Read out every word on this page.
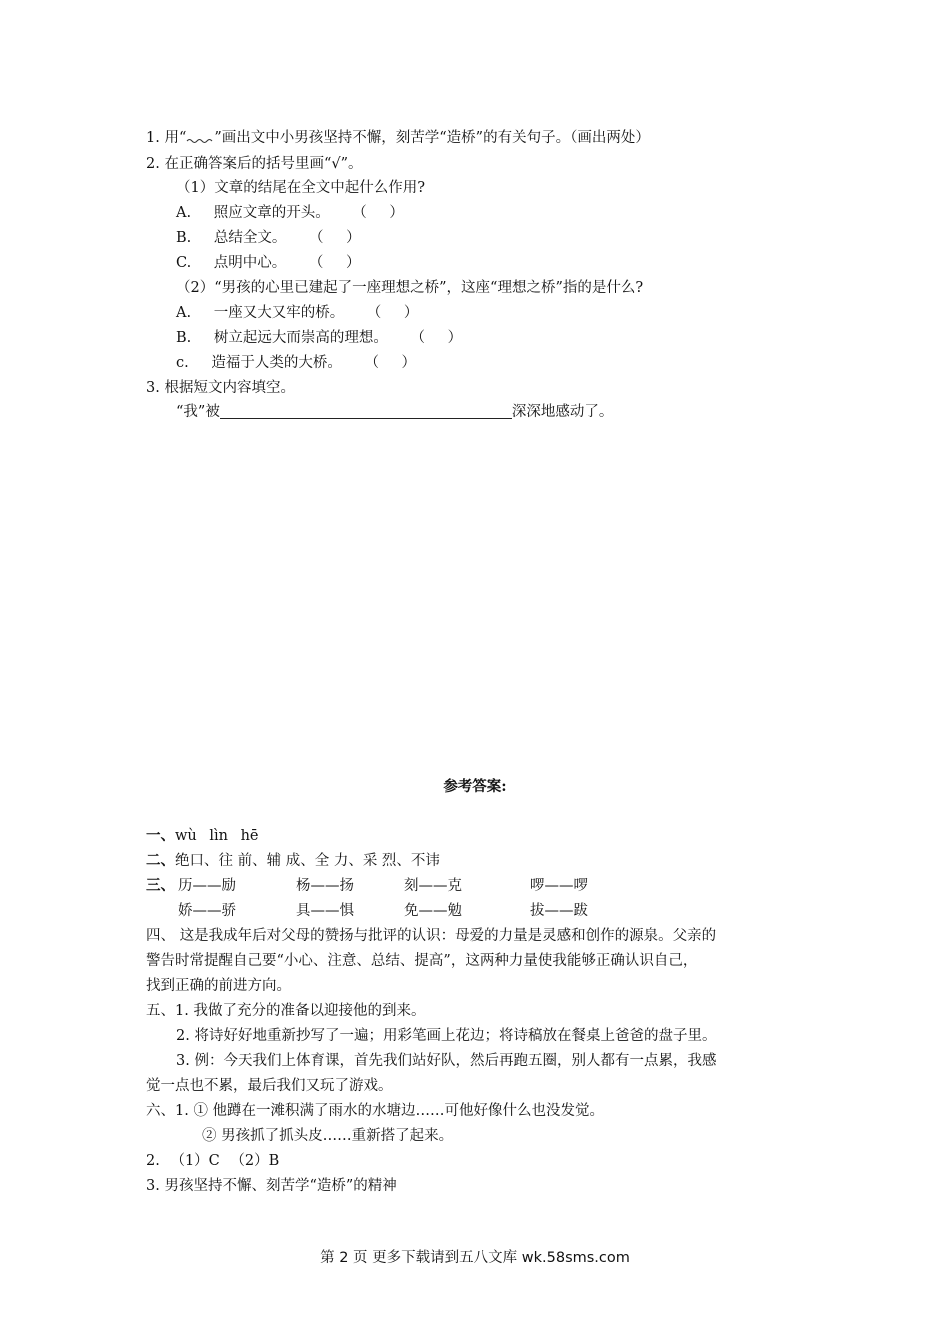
1. 用“ ”画出文中小男孩坚持不懈，刻苦学“造桥”的有关句子。（画出两处）
2. 在正确答案后的括号里画“√”。
（1）文章的结尾在全文中起什么作用?
A. 照应文章的开头。 （ ）
B. 总结全文。 （ ）
C. 点明中心。 （ ）
（2）“男孩的心里已建起了一座理想之桥”，这座“理想之桥”指的是什么?
A. 一座又大又牢的桥。 （ ）
B. 树立起远大而崇高的理想。 （ ）
c. 造福于人类的大桥。 （ ）
3. 根据短文内容填空。
“我”被	深深地感动了。
参考答案:
一、wù lìn hē
二、绝口、往 前、辅 成、全 力、采 烈、不讳
三、 历——励	杨——扬	刻——克	啰——啰
娇——骄	具——惧	免——勉	拔——跋
四、 这是我成年后对父母的赞扬与批评的认识：母爱的力量是灵感和创作的源泉。父亲的
警告时常提醒自己要“小心、注意、总结、提高”，这两种力量使我能够正确认识自己，
找到正确的前进方向。
五、1. 我做了充分的准备以迎接他的到来。
2. 将诗好好地重新抄写了一遍；用彩笔画上花边；将诗稿放在餐桌上爸爸的盘子里。
3. 例：今天我们上体育课，首先我们站好队，然后再跑五圈，别人都有一点累，我感
觉一点也不累，最后我们又玩了游戏。
六、1. ① 他蹲在一滩积满了雨水的水塘边……可他好像什么也没发觉。
② 男孩抓了抓头皮……重新搭了起来。
2. （1）C （2）B
3. 男孩坚持不懈、刻苦学“造桥”的精神
第 2 页 更多下载请到五八文库 wk.58sms.com
